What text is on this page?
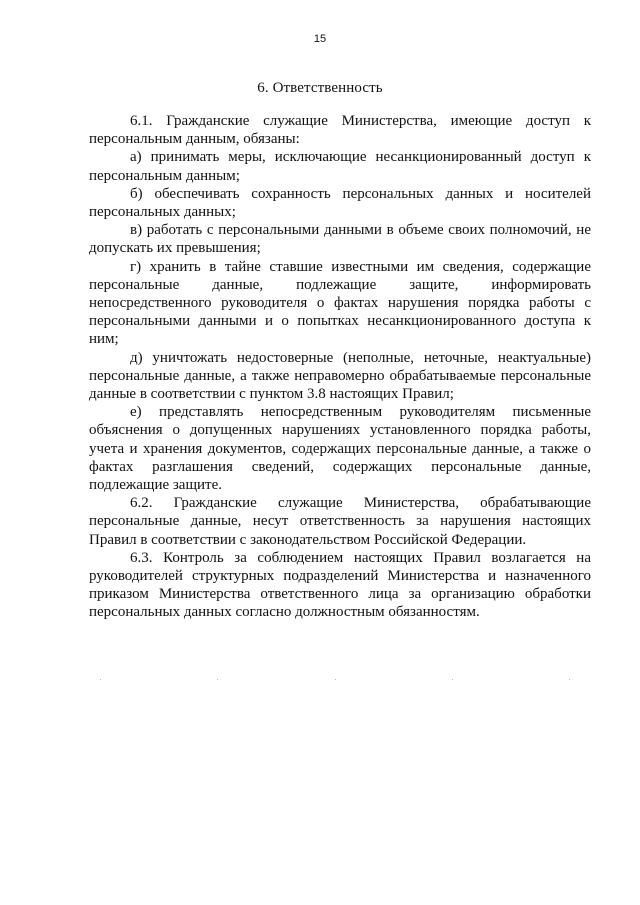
15
6. Ответственность

6.1. Гражданские служащие Министерства, имеющие доступ к персональным данным, обязаны:

а) принимать меры, исключающие несанкционированный доступ к персональным данным;

б) обеспечивать сохранность персональных данных и носителей персональных данных;

в) работать с персональными данными в объеме своих полномочий, не допускать их превышения;

г) хранить в тайне ставшие известными им сведения, содержащие персональные данные, подлежащие защите, информировать непосредственного руководителя о фактах нарушения порядка работы с персональными данными и о попытках несанкционированного доступа к ним;

д) уничтожать недостоверные (неполные, неточные, неактуальные) персональные данные, а также неправомерно обрабатываемые персональные данные в соответствии с пунктом 3.8 настоящих Правил;

е) представлять непосредственным руководителям письменные объяснения о допущенных нарушениях установленного порядка работы, учета и хранения документов, содержащих персональные данные, а также о фактах разглашения сведений, содержащих персональные данные, подлежащие защите.

6.2. Гражданские служащие Министерства, обрабатывающие персональные данные, несут ответственность за нарушения настоящих Правил в соответствии с законодательством Российской Федерации.

6.3. Контроль за соблюдением настоящих Правил возлагается на руководителей структурных подразделений Министерства и назначенного приказом Министерства ответственного лица за организацию обработки персональных данных согласно должностным обязанностям.
